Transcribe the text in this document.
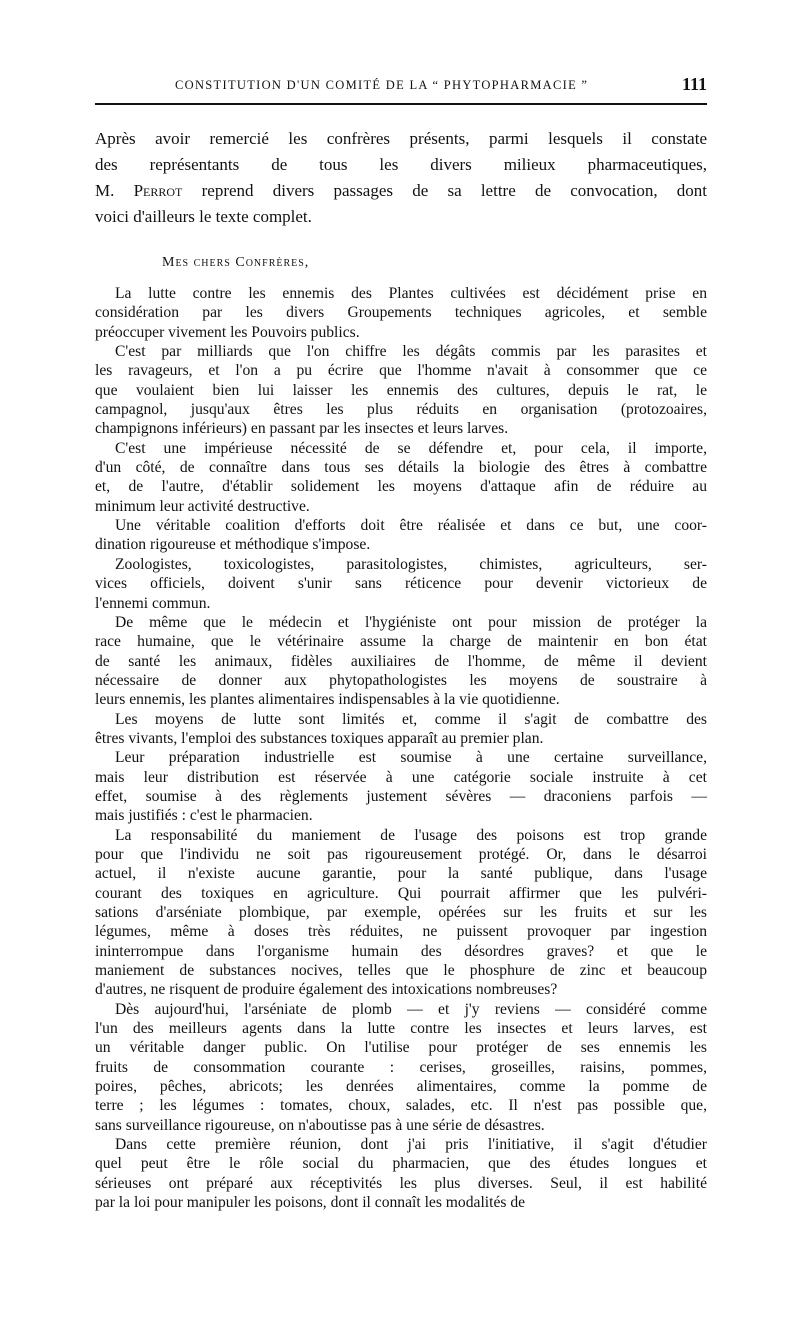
CONSTITUTION D'UN COMITÉ DE LA “ PHYTOPHARMACIE ”	111

Après avoir remercié les confrères présents, parmi lesquels il constate
des représentants de tous les divers milieux pharmaceutiques,
M. Perrot reprend divers passages de sa lettre de convocation, dont
voici d'ailleurs le texte complet.

Mes chers Confrères,

La lutte contre les ennemis des Plantes cultivées est décidément prise en
considération par les divers Groupements techniques agricoles, et semble
préoccuper vivement les Pouvoirs publics.

C'est par milliards que l'on chiffre les dégâts commis par les parasites et
les ravageurs, et l'on a pu écrire que l'homme n'avait à consommer que ce
que voulaient bien lui laisser les ennemis des cultures, depuis le rat, le
campagnol, jusqu'aux êtres les plus réduits en organisation (protozoaires,
champignons inférieurs) en passant par les insectes et leurs larves.

C'est une impérieuse nécessité de se défendre et, pour cela, il importe,
d'un côté, de connaître dans tous ses détails la biologie des êtres à combattre
et, de l'autre, d'établir solidement les moyens d'attaque afin de réduire au
minimum leur activité destructive.

Une véritable coalition d'efforts doit être réalisée et dans ce but, une coor-
dination rigoureuse et méthodique s'impose.

Zoologistes, toxicologistes, parasitologistes, chimistes, agriculteurs, ser-
vices officiels, doivent s'unir sans réticence pour devenir victorieux de
l'ennemi commun.

De même que le médecin et l'hygiéniste ont pour mission de protéger la
race humaine, que le vétérinaire assume la charge de maintenir en bon état
de santé les animaux, fidèles auxiliaires de l'homme, de même il devient
nécessaire de donner aux phytopathologistes les moyens de soustraire à
leurs ennemis, les plantes alimentaires indispensables à la vie quotidienne.

Les moyens de lutte sont limités et, comme il s'agit de combattre des
êtres vivants, l'emploi des substances toxiques apparaît au premier plan.

Leur préparation industrielle est soumise à une certaine surveillance,
mais leur distribution est réservée à une catégorie sociale instruite à cet
effet, soumise à des règlements justement sévères — draconiens parfois —
mais justifiés : c'est le pharmacien.

La responsabilité du maniement de l'usage des poisons est trop grande
pour que l'individu ne soit pas rigoureusement protégé. Or, dans le désarroi
actuel, il n'existe aucune garantie, pour la santé publique, dans l'usage
courant des toxiques en agriculture. Qui pourrait affirmer que les pulvéri-
sations d'arséniate plombique, par exemple, opérées sur les fruits et sur les
légumes, même à doses très réduites, ne puissent provoquer par ingestion
ininterrompue dans l'organisme humain des désordres graves? et que le
maniement de substances nocives, telles que le phosphure de zinc et beaucoup
d'autres, ne risquent de produire également des intoxications nombreuses?

Dès aujourd'hui, l'arséniate de plomb — et j'y reviens — considéré comme
l'un des meilleurs agents dans la lutte contre les insectes et leurs larves, est
un véritable danger public. On l'utilise pour protéger de ses ennemis les
fruits de consommation courante : cerises, groseilles, raisins, pommes,
poires, pêches, abricots; les denrées alimentaires, comme la pomme de
terre ; les légumes : tomates, choux, salades, etc. Il n'est pas possible que,
sans surveillance rigoureuse, on n'aboutisse pas à une série de désastres.

Dans cette première réunion, dont j'ai pris l'initiative, il s'agit d'étudier
quel peut être le rôle social du pharmacien, que des études longues et
sérieuses ont préparé aux réceptivités les plus diverses. Seul, il est habilité
par la loi pour manipuler les poisons, dont il connaît les modalités de
